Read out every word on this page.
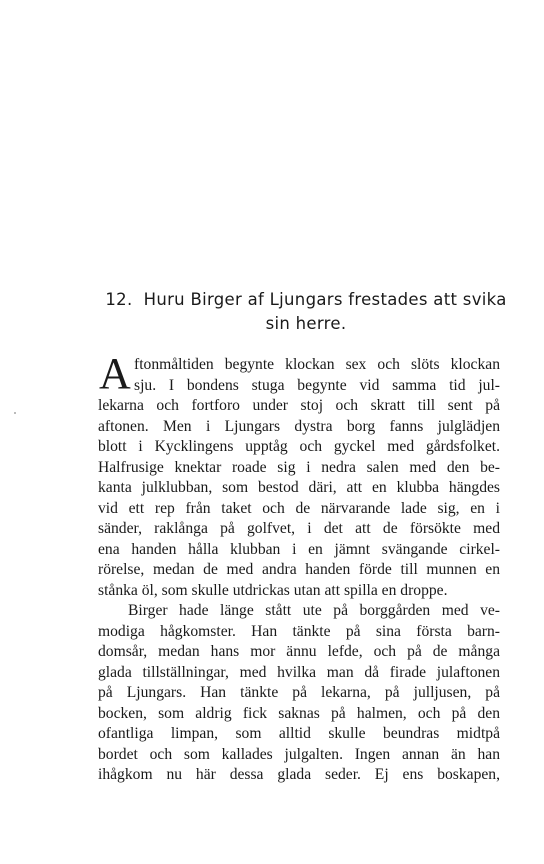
12. Huru Birger af Ljungars frestades att svika
sin herre.
A ftonmåltiden begynte klockan sex och slöts klockan
sju. I bondens stuga begynte vid samma tid jul-
lekarna och fortforo under stoj och skratt till sent på
aftonen. Men i Ljungars dystra borg fanns julglädjen
blott i Kycklingens upptåg och gyckel med gårdsfolket.
Halfrusige knektar roade sig i nedra salen med den be-
kanta julklubban, som bestod däri, att en klubba hängdes
vid ett rep från taket och de närvarande lade sig, en i
sänder, raklånga på golfvet, i det att de försökte med
ena handen hålla klubban i en jämnt svängande cirkel-
rörelse, medan de med andra handen förde till munnen en
stånka öl, som skulle utdrickas utan att spilla en droppe.
Birger hade länge stått ute på borggården med ve-
modiga hågkomster. Han tänkte på sina första barn-
domsår, medan hans mor ännu lefde, och på de många
glada tillställningar, med hvilka man då firade julaftonen
på Ljungars. Han tänkte på lekarna, på julljusen, på
bocken, som aldrig fick saknas på halmen, och på den
ofantliga limpan, som alltid skulle beundras midtpå
bordet och som kallades julgalten. Ingen annan än han
ihågkom nu här dessa glada seder. Ej ens boskapen,
